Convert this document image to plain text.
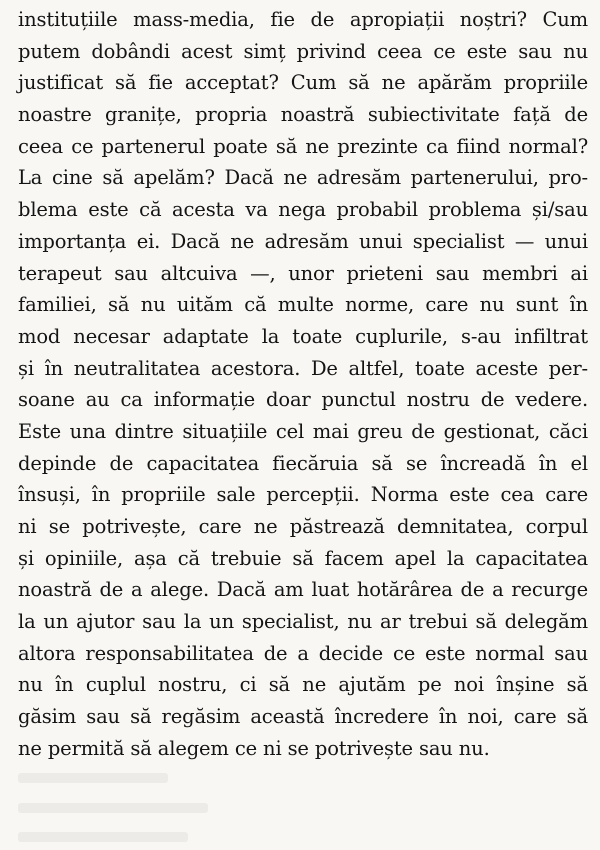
instituțiile mass-media, fie de apropiații noștri? Cum
putem dobândi acest simț privind ceea ce este sau nu
justificat să fie acceptat? Cum să ne apărăm propriile
noastre granițe, propria noastră subiectivitate față de
ceea ce partenerul poate să ne prezinte ca fiind normal?
La cine să apelăm? Dacă ne adresăm partenerului, pro-
blema este că acesta va nega probabil problema și/sau
importanța ei. Dacă ne adresăm unui specialist — unui
terapeut sau altcuiva —, unor prieteni sau membri ai
familiei, să nu uităm că multe norme, care nu sunt în
mod necesar adaptate la toate cuplurile, s-au infiltrat
și în neutralitatea acestora. De altfel, toate aceste per-
soane au ca informație doar punctul nostru de vedere.
Este una dintre situațiile cel mai greu de gestionat, căci
depinde de capacitatea fiecăruia să se încreadă în el
însuși, în propriile sale percepții. Norma este cea care
ni se potrivește, care ne păstrează demnitatea, corpul
și opiniile, așa că trebuie să facem apel la capacitatea
noastră de a alege. Dacă am luat hotărârea de a recurge
la un ajutor sau la un specialist, nu ar trebui să delegăm
altora responsabilitatea de a decide ce este normal sau
nu în cuplul nostru, ci să ne ajutăm pe noi înșine să
găsim sau să regăsim această încredere în noi, care să
ne permită să alegem ce ni se potrivește sau nu.
